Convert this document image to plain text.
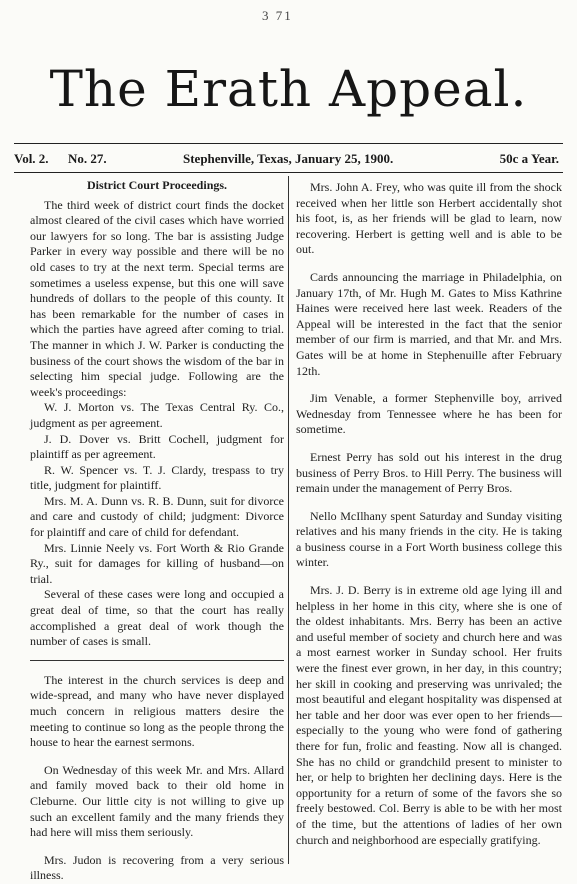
3 71
The Erath Appeal.
Vol. 2. No. 27.	Stephenville, Texas, January 25, 1900.	50c a Year.

District Court Proceedings.

The third week of district court finds the docket almost cleared of the civil cases which have worried our lawyers for so long. The bar is assisting Judge Parker in every way possible and there will be no old cases to try at the next term. Special terms are sometimes a useless expense, but this one will save hundreds of dollars to the people of this county. It has been remarkable for the number of cases in which the parties have agreed after coming to trial. The manner in which J. W. Parker is conducting the business of the court shows the wisdom of the bar in selecting him special judge. Following are the week's proceedings:

W. J. Morton vs. The Texas Central Ry. Co., judgment as per agreement.

J. D. Dover vs. Britt Cochell, judgment for plaintiff as per agreement.

R. W. Spencer vs. T. J. Clardy, trespass to try title, judgment for plaintiff.

Mrs. M. A. Dunn vs. R. B. Dunn, suit for divorce and care and custody of child; judgment: Divorce for plaintiff and care of child for defendant.

Mrs. Linnie Neely vs. Fort Worth & Rio Grande Ry., suit for damages for killing of husband—on trial.

Several of these cases were long and occupied a great deal of time, so that the court has really accomplished a great deal of work though the number of cases is small.

The interest in the church services is deep and wide-spread, and many who have never displayed much concern in religious matters desire the meeting to continue so long as the people throng the house to hear the earnest sermons.

On Wednesday of this week Mr. and Mrs. Allard and family moved back to their old home in Cleburne. Our little city is not willing to give up such an excellent family and the many friends they had here will miss them seriously.

Mrs. Judon is recovering from a very serious illness.

Mrs. John A. Frey, who was quite ill from the shock received when her little son Herbert accidentally shot his foot, is, as her friends will be glad to learn, now recovering. Herbert is getting well and is able to be out.

Cards announcing the marriage in Philadelphia, on January 17th, of Mr. Hugh M. Gates to Miss Kathrine Haines were received here last week. Readers of the Appeal will be interested in the fact that the senior member of our firm is married, and that Mr. and Mrs. Gates will be at home in Stephenuille after February 12th.

Jim Venable, a former Stephenville boy, arrived Wednesday from Tennessee where he has been for sometime.

Ernest Perry has sold out his interest in the drug business of Perry Bros. to Hill Perry. The business will remain under the management of Perry Bros.

Nello McIlhany spent Saturday and Sunday visiting relatives and his many friends in the city. He is taking a business course in a Fort Worth business college this winter.

Mrs. J. D. Berry is in extreme old age lying ill and helpless in her home in this city, where she is one of the oldest inhabitants. Mrs. Berry has been an active and useful member of society and church here and was a most earnest worker in Sunday school. Her fruits were the finest ever grown, in her day, in this country; her skill in cooking and preserving was unrivaled; the most beautiful and elegant hospitality was dispensed at her table and her door was ever open to her friends—especially to the young who were fond of gathering there for fun, frolic and feasting. Now all is changed. She has no child or grandchild present to minister to her, or help to brighten her declining days. Here is the opportunity for a return of some of the favors she so freely bestowed. Col. Berry is able to be with her most of the time, but the attentions of ladies of her own church and neighborhood are especially gratifying.
